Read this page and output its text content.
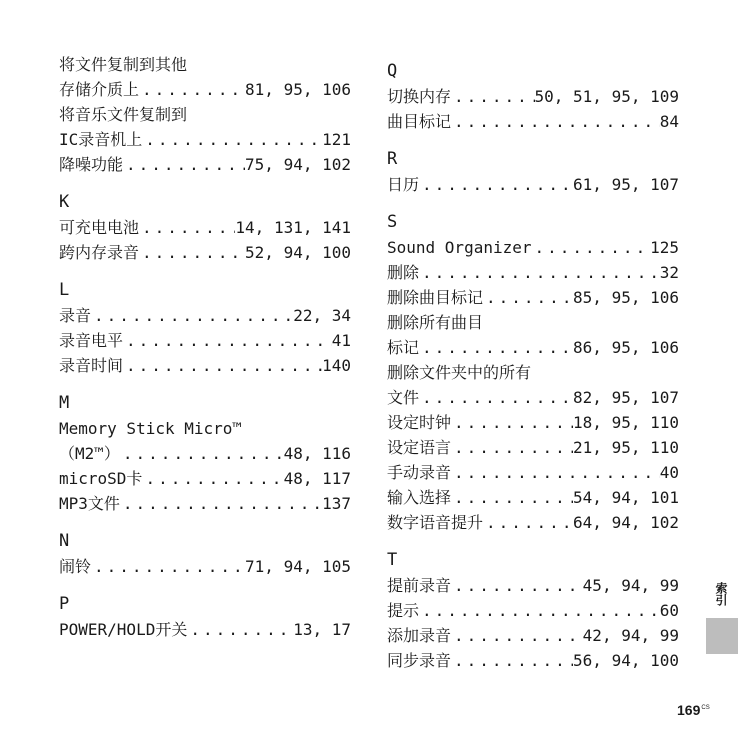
将文件复制到其他
存储介质上 .....	81, 95, 106
将音乐文件复制到
IC录音机上 .....	121
降噪功能 .....	75, 94, 102
K
可充电电池 .....	14, 131, 141
跨内存录音 .....	52, 94, 100
L
录音 .....	22, 34
录音电平 .....	41
录音时间 .....	140
M
Memory Stick Micro™
（M2™） .....	48, 116
microSD卡 .....	48, 117
MP3文件 .....	137
N
闹铃 .....	71, 94, 105
P
POWER/HOLD开关 .....	13, 17
Q
切换内存 .....	50, 51, 95, 109
曲目标记 .....	84
R
日历 .....	61, 95, 107
S
Sound Organizer .....	125
删除 .....	32
删除曲目标记 .....	85, 95, 106
删除所有曲目
标记 .....	86, 95, 106
删除文件夹中的所有
文件 .....	82, 95, 107
设定时钟 .....	18, 95, 110
设定语言 .....	21, 95, 110
手动录音 .....	40
输入选择 .....	54, 94, 101
数字语音提升 .....	64, 94, 102
T
提前录音 .....	45, 94, 99
提示 .....	60
添加录音 .....	42, 94, 99
同步录音 .....	56, 94, 100
索引
$169^{CS}$
